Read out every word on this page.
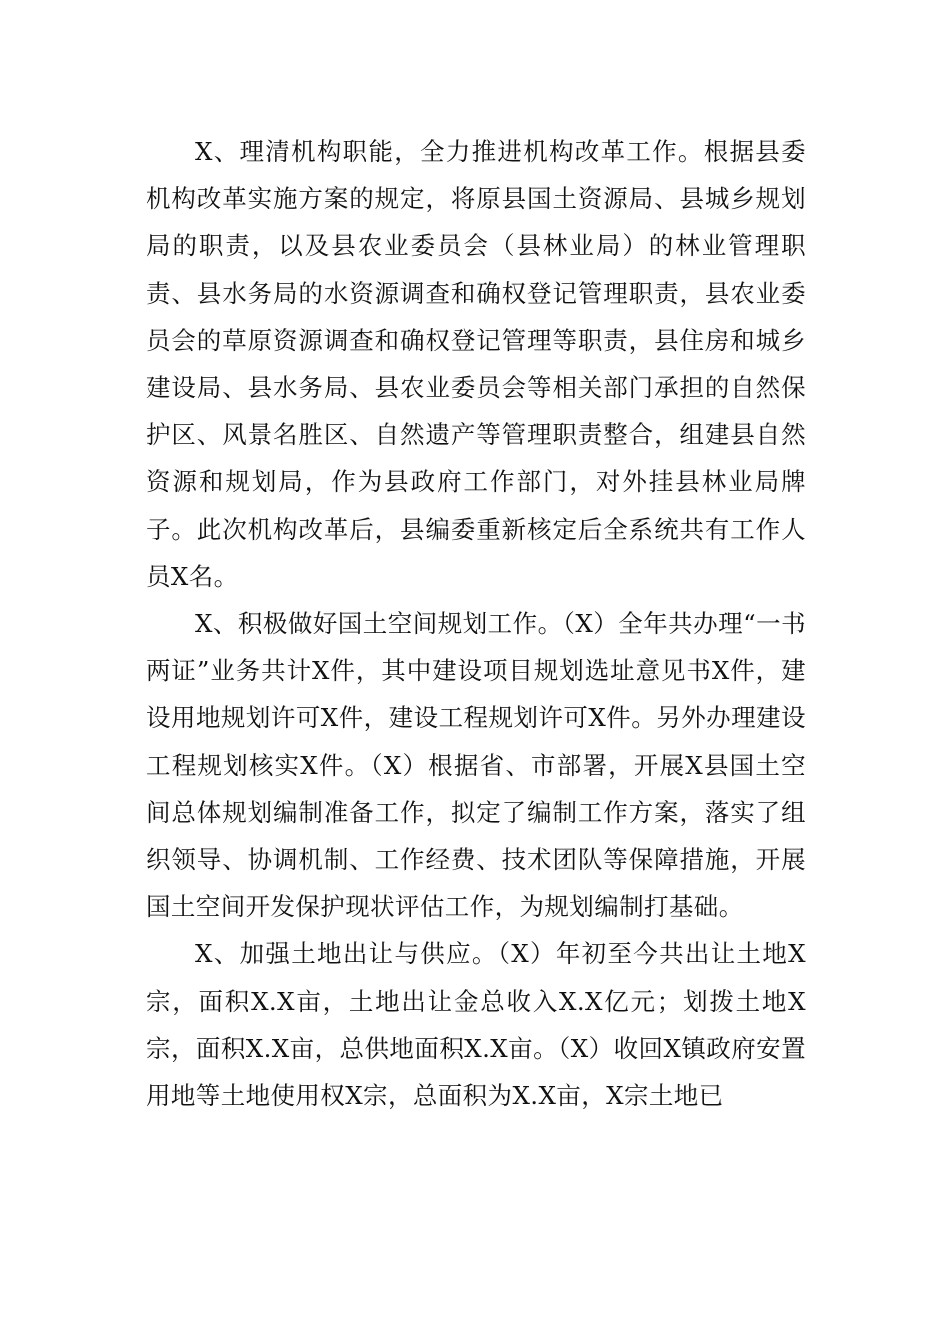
X、理清机构职能，全力推进机构改革工作。根据县委机构改革实施方案的规定，将原县国土资源局、县城乡规划局的职责，以及县农业委员会（县林业局）的林业管理职责、县水务局的水资源调查和确权登记管理职责，县农业委员会的草原资源调查和确权登记管理等职责，县住房和城乡建设局、县水务局、县农业委员会等相关部门承担的自然保护区、风景名胜区、自然遗产等管理职责整合，组建县自然资源和规划局，作为县政府工作部门，对外挂县林业局牌子。此次机构改革后，县编委重新核定后全系统共有工作人员X名。

X、积极做好国土空间规划工作。（X）全年共办理“一书两证”业务共计X件，其中建设项目规划选址意见书X件，建设用地规划许可X件，建设工程规划许可X件。另外办理建设工程规划核实X件。（X）根据省、市部署，开展X县国土空间总体规划编制准备工作，拟定了编制工作方案，落实了组织领导、协调机制、工作经费、技术团队等保障措施，开展国土空间开发保护现状评估工作，为规划编制打基础。

X、加强土地出让与供应。（X）年初至今共出让土地X宗，面积X.X亩，土地出让金总收入X.X亿元；划拨土地X宗，面积X.X亩，总供地面积X.X亩。（X）收回X镇政府安置用地等土地使用权X宗，总面积为X.X亩，X宗土地已
